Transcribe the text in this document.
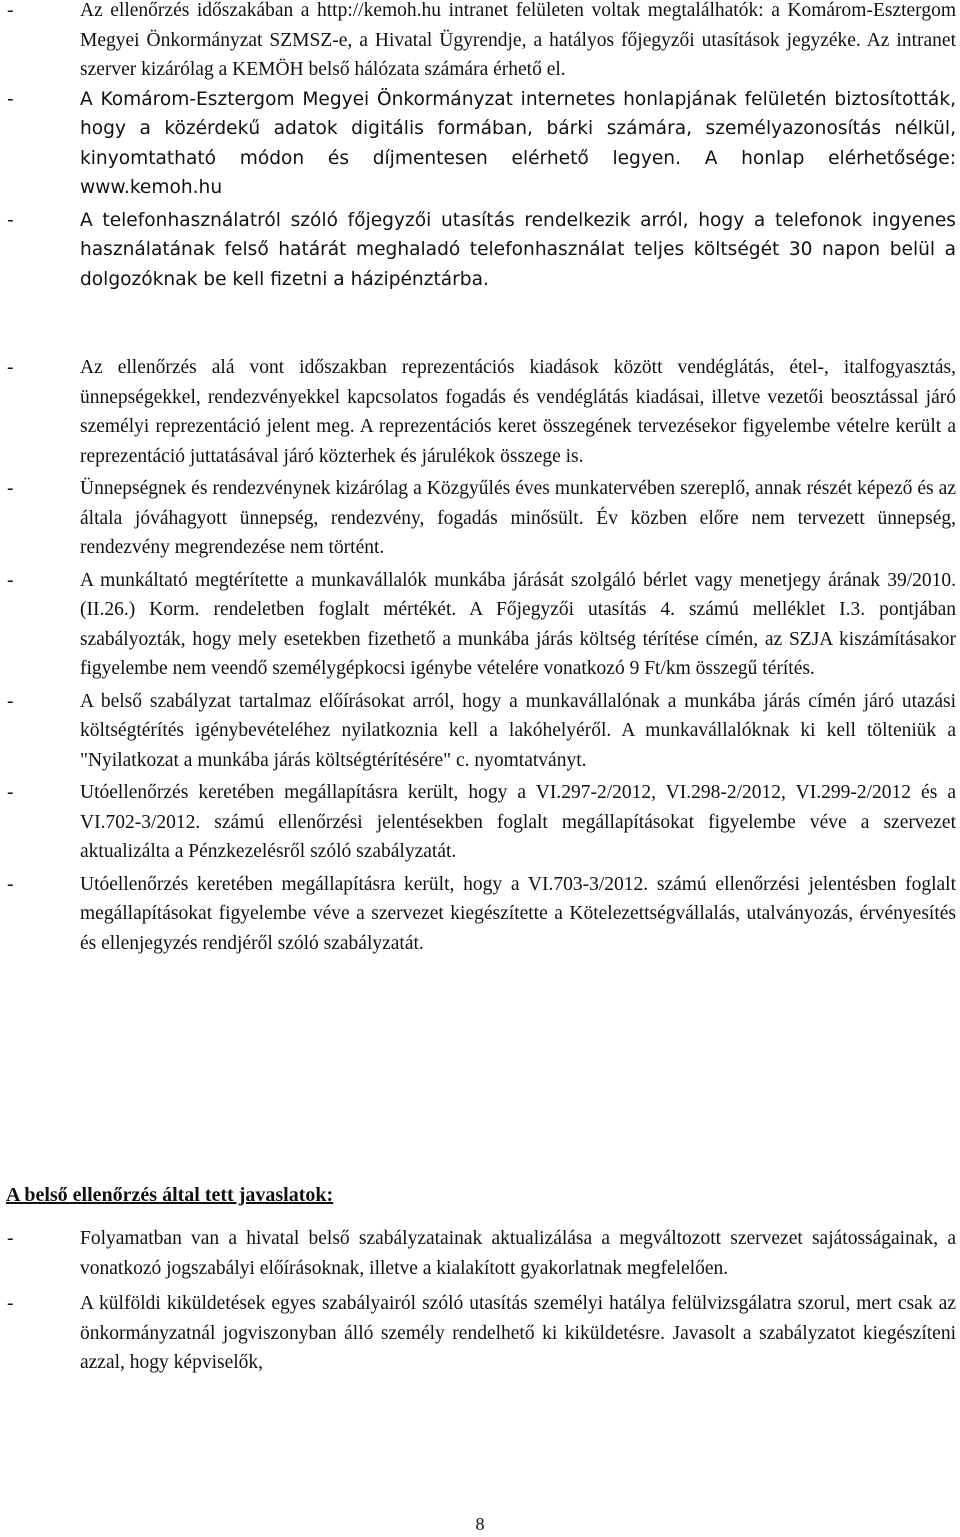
-	Az ellenőrzés időszakában a http://kemoh.hu intranet felületen voltak megtalálhatók: a Komárom-Esztergom Megyei Önkormányzat SZMSZ-e, a Hivatal Ügyrendje, a hatályos főjegyzői utasítások jegyzéke. Az intranet szerver kizárólag a KEMÖH belső hálózata számára érhető el.

-	A Komárom-Esztergom Megyei Önkormányzat internetes honlapjának felületén biztosították, hogy a közérdekű adatok digitális formában, bárki számára, személyazonosítás nélkül, kinyomtatható módon és díjmentesen elérhető legyen. A honlap elérhetősége: www.kemoh.hu

-	A telefonhasználatról szóló főjegyzői utasítás rendelkezik arról, hogy a telefonok ingyenes használatának felső határát meghaladó telefonhasználat teljes költségét 30 napon belül a dolgozóknak be kell fizetni a házipénztárba.

-	Az ellenőrzés alá vont időszakban reprezentációs kiadások között vendéglátás, étel-, italfogyasztás, ünnepségekkel, rendezvényekkel kapcsolatos fogadás és vendéglátás kiadásai, illetve vezetői beosztással járó személyi reprezentáció jelent meg. A reprezentációs keret összegének tervezésekor figyelembe vételre került a reprezentáció juttatásával járó közterhek és járulékok összege is.

-	Ünnepségnek és rendezvénynek kizárólag a Közgyűlés éves munkatervében szereplő, annak részét képező és az általa jóváhagyott ünnepség, rendezvény, fogadás minősült. Év közben előre nem tervezett ünnepség, rendezvény megrendezése nem történt.

-	A munkáltató megtérítette a munkavállalók munkába járását szolgáló bérlet vagy menetjegy árának 39/2010. (II.26.) Korm. rendeletben foglalt mértékét. A Főjegyzői utasítás 4. számú melléklet I.3. pontjában szabályozták, hogy mely esetekben fizethető a munkába járás költség térítése címén, az SZJA kiszámításakor figyelembe nem veendő személygépkocsi igénybe vételére vonatkozó 9 Ft/km összegű térítés.

-	A belső szabályzat tartalmaz előírásokat arról, hogy a munkavállalónak a munkába járás címén járó utazási költségtérítés igénybevételéhez nyilatkoznia kell a lakóhelyéről. A munkavállalóknak ki kell tölteniük a "Nyilatkozat a munkába járás költségtérítésére" c. nyomtatványt.

-	Utóellenőrzés keretében megállapításra került, hogy a VI.297-2/2012, VI.298-2/2012, VI.299-2/2012 és a VI.702-3/2012. számú ellenőrzési jelentésekben foglalt megállapításokat figyelembe véve a szervezet aktualizálta a Pénzkezelésről szóló szabályzatát.

-	Utóellenőrzés keretében megállapításra került, hogy a VI.703-3/2012. számú ellenőrzési jelentésben foglalt megállapításokat figyelembe véve a szervezet kiegészítette a Kötelezettségvállalás, utalványozás, érvényesítés és ellenjegyzés rendjéről szóló szabályzatát.

A belső ellenőrzés által tett javaslatok:

-	Folyamatban van a hivatal belső szabályzatainak aktualizálása a megváltozott szervezet sajátosságainak, a vonatkozó jogszabályi előírásoknak, illetve a kialakított gyakorlatnak megfelelően.

-	A külföldi kiküldetések egyes szabályairól szóló utasítás személyi hatálya felülvizsgálatra szorul, mert csak az önkormányzatnál jogviszonyban álló személy rendelhető ki kiküldetésre. Javasolt a szabályzatot kiegészíteni azzal, hogy képviselők,

8
